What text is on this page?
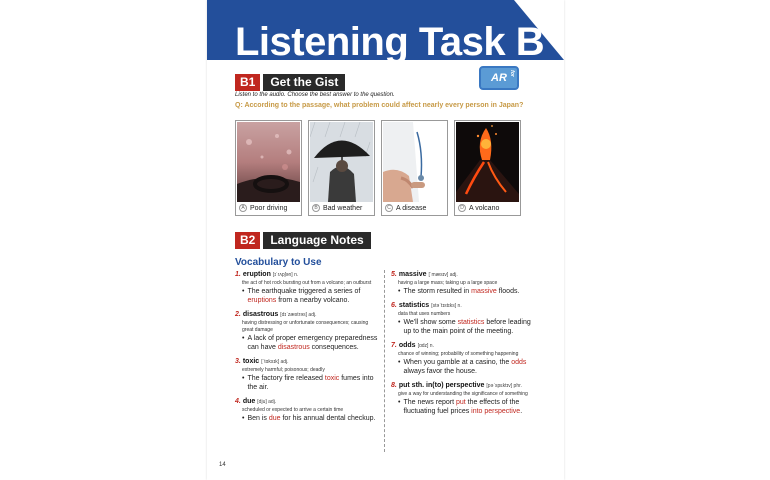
Listening Task B
B1	Get the Gist	AR for
Listen to the audio. Choose the best answer to the question.
Q: According to the passage, what problem could affect nearly every person in Japan?
A Poor driving	B Bad weather	C A disease	D A volcano
B2	Language Notes
Vocabulary to Use
1. eruption [ɪˈrʌpʃən] n.
the act of hot rock bursting out from a volcano; an outburst
• The earthquake triggered a series of eruptions from a nearby volcano.
2. disastrous [dɪˈzæstrəs] adj.
having distressing or unfortunate consequences; causing great damage
• A lack of proper emergency preparedness can have disastrous consequences.
3. toxic [ˈtɑksɪk] adj.
extremely harmful; poisonous; deadly
• The factory fire released toxic fumes into the air.
4. due [dju] adj.
scheduled or expected to arrive a certain time
• Ben is due for his annual dental checkup.
5. massive [ˈmæsɪv] adj.
having a large mass; taking up a large space
• The storm resulted in massive floods.
6. statistics [stəˈtɪstɪks] n.
data that uses numbers
• We'll show some statistics before leading up to the main point of the meeting.
7. odds [ɑdz] n.
chance of winning; probability of something happening
• When you gamble at a casino, the odds always favor the house.
8. put sth. in(to) perspective [pəˈspɛktɪv] phr.
give a way for understanding the significance of something
• The news report put the effects of the fluctuating fuel prices into perspective.
14
